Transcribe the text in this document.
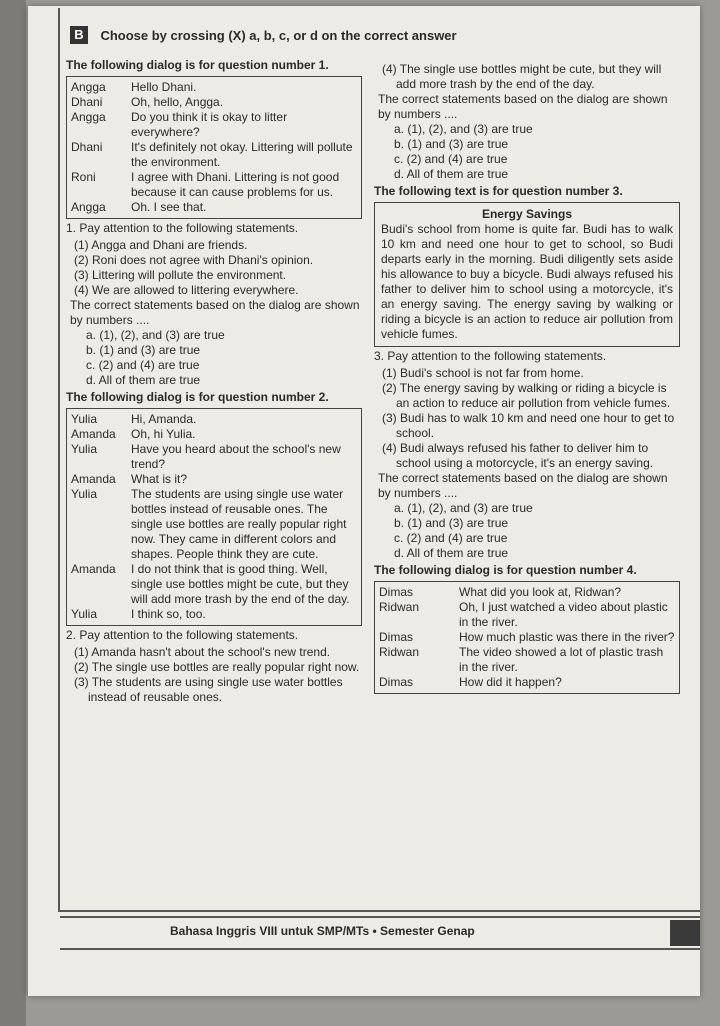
B Choose by crossing (X) a, b, c, or d on the correct answer
The following dialog is for question number 1.
Angga	Hello Dhani.
Dhani	Oh, hello, Angga.
Angga	Do you think it is okay to litter everywhere?
Dhani	It's definitely not okay. Littering will pollute the environment.
Roni	I agree with Dhani. Littering is not good because it can cause problems for us.
Angga	Oh. I see that.
1. Pay attention to the following statements.
(1) Angga and Dhani are friends.
(2) Roni does not agree with Dhani's opinion.
(3) Littering will pollute the environment.
(4) We are allowed to littering everywhere.
The correct statements based on the dialog are shown by numbers ....
a. (1), (2), and (3) are true
b. (1) and (3) are true
c. (2) and (4) are true
d. All of them are true
The following dialog is for question number 2.
Yulia	Hi, Amanda.
Amanda	Oh, hi Yulia.
Yulia	Have you heard about the school's new trend?
Amanda	What is it?
Yulia	The students are using single use water bottles instead of reusable ones. The single use bottles are really popular right now. They came in different colors and shapes. People think they are cute.
Amanda	I do not think that is good thing. Well, single use bottles might be cute, but they will add more trash by the end of the day.
Yulia	I think so, too.
2. Pay attention to the following statements.
(1) Amanda hasn't about the school's new trend.
(2) The single use bottles are really popular right now.
(3) The students are using single use water bottles instead of reusable ones.
(4) The single use bottles might be cute, but they will add more trash by the end of the day.
The correct statements based on the dialog are shown by numbers ....
a. (1), (2), and (3) are true
b. (1) and (3) are true
c. (2) and (4) are true
d. All of them are true
The following text is for question number 3.
Energy Savings
Budi's school from home is quite far. Budi has to walk 10 km and need one hour to get to school, so Budi departs early in the morning. Budi diligently sets aside his allowance to buy a bicycle. Budi always refused his father to deliver him to school using a motorcycle, it's an energy saving. The energy saving by walking or riding a bicycle is an action to reduce air pollution from vehicle fumes.
3. Pay attention to the following statements.
(1) Budi's school is not far from home.
(2) The energy saving by walking or riding a bicycle is an action to reduce air pollution from vehicle fumes.
(3) Budi has to walk 10 km and need one hour to get to school.
(4) Budi always refused his father to deliver him to school using a motorcycle, it's an energy saving.
The correct statements based on the dialog are shown by numbers ....
a. (1), (2), and (3) are true
b. (1) and (3) are true
c. (2) and (4) are true
d. All of them are true
The following dialog is for question number 4.
Dimas	What did you look at, Ridwan?
Ridwan	Oh, I just watched a video about plastic in the river.
Dimas	How much plastic was there in the river?
Ridwan	The video showed a lot of plastic trash in the river.
Dimas	How did it happen?
Bahasa Inggris VIII untuk SMP/MTs • Semester Genap
